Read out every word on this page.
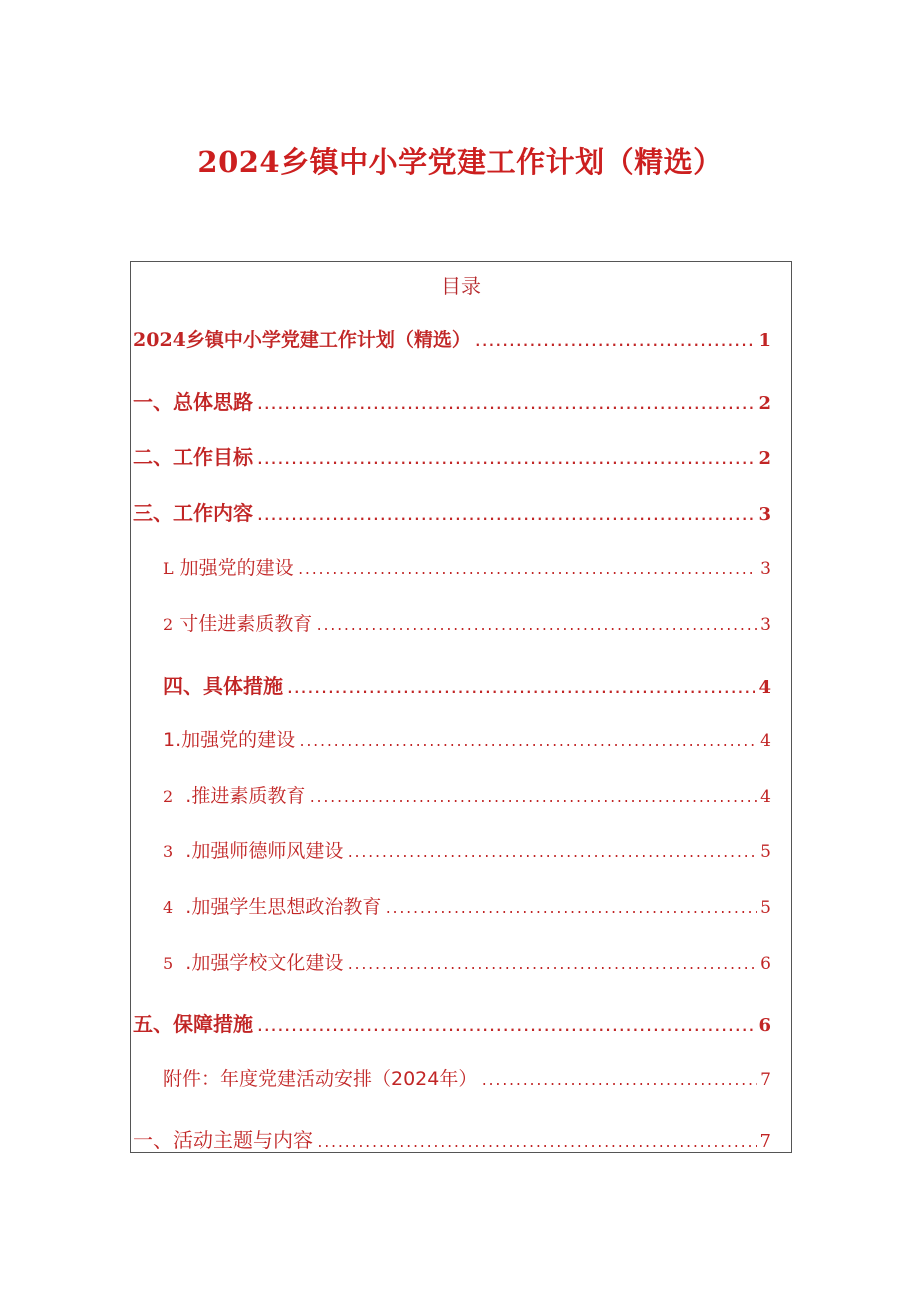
2024乡镇中小学党建工作计划（精选）
目录
2024乡镇中小学党建工作计划（精选） .....	1
一、总体思路 .....	2
二、工作目标 .....	2
三、工作内容 .....	3
L 加强党的建设 .....	3
2 寸佳进素质教育 .....	3
四、具体措施 .....	4
1.加强党的建设 .....	4
2 .推进素质教育 .....	4
3 .加强师德师风建设 .....	5
4 .加强学生思想政治教育 .....	5
5 .加强学校文化建设 .....	6
五、保障措施 .....	6
附件：年度党建活动安排（2024年） .....	7
一、活动主题与内容 .....	7
